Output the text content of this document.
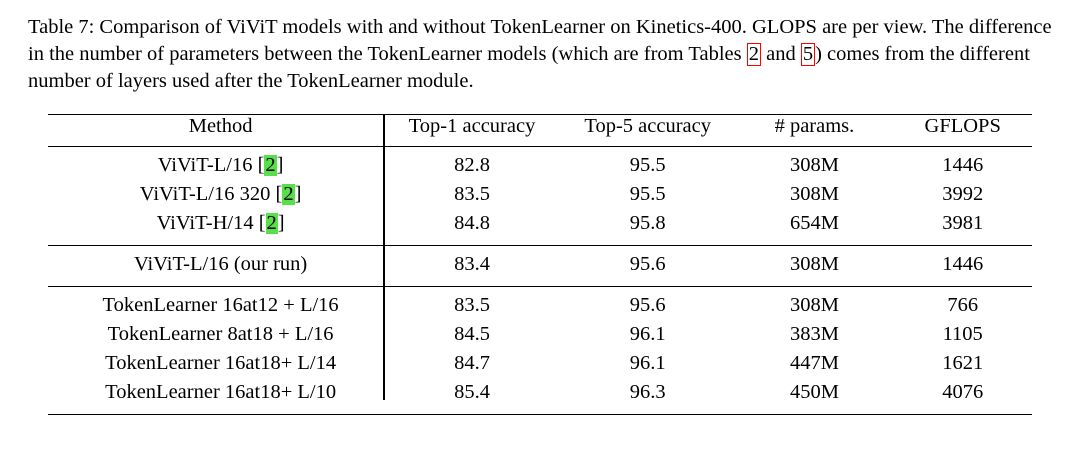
Table 7: Comparison of ViViT models with and without TokenLearner on Kinetics-400. GLOPS are per view. The difference in the number of parameters between the TokenLearner models (which are from Tables 2 and 5) comes from the different number of layers used after the TokenLearner module.

Method		Top-1 accuracy	Top-5 accuracy	# params.	GFLOPS

ViViT-L/16 [2]		82.8	95.5	308M	1446
ViViT-L/16 320 [2]		83.5	95.5	308M	3992
ViViT-H/14 [2]		84.8	95.8	654M	3981

ViViT-L/16 (our run)		83.4	95.6	308M	1446

TokenLearner 16at12 + L/16		83.5	95.6	308M	766
TokenLearner 8at18 + L/16		84.5	96.1	383M	1105
TokenLearner 16at18+ L/14		84.7	96.1	447M	1621
TokenLearner 16at18+ L/10		85.4	96.3	450M	4076
